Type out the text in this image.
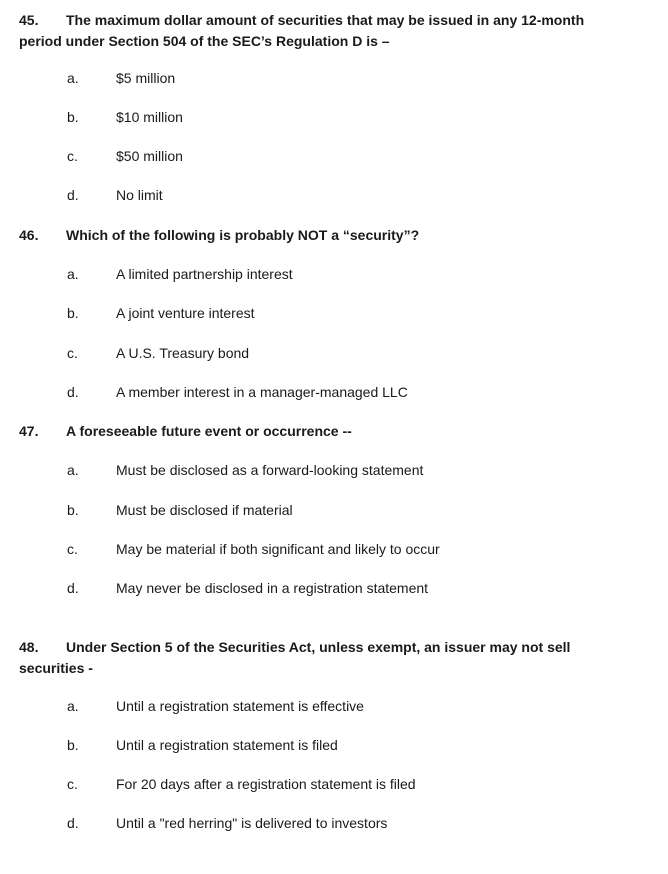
45. The maximum dollar amount of securities that may be issued in any 12-month
period under Section 504 of the SEC’s Regulation D is –
a.	$5 million
b.	$10 million
c.	$50 million
d.	No limit
46. Which of the following is probably NOT a “security”?
a.	A limited partnership interest
b.	A joint venture interest
c.	A U.S. Treasury bond
d.	A member interest in a manager-managed LLC
47. A foreseeable future event or occurrence --
a.	Must be disclosed as a forward-looking statement
b.	Must be disclosed if material
c.	May be material if both significant and likely to occur
d.	May never be disclosed in a registration statement
48. Under Section 5 of the Securities Act, unless exempt, an issuer may not sell
securities -
a.	Until a registration statement is effective
b.	Until a registration statement is filed
c.	For 20 days after a registration statement is filed
d.	Until a "red herring" is delivered to investors
